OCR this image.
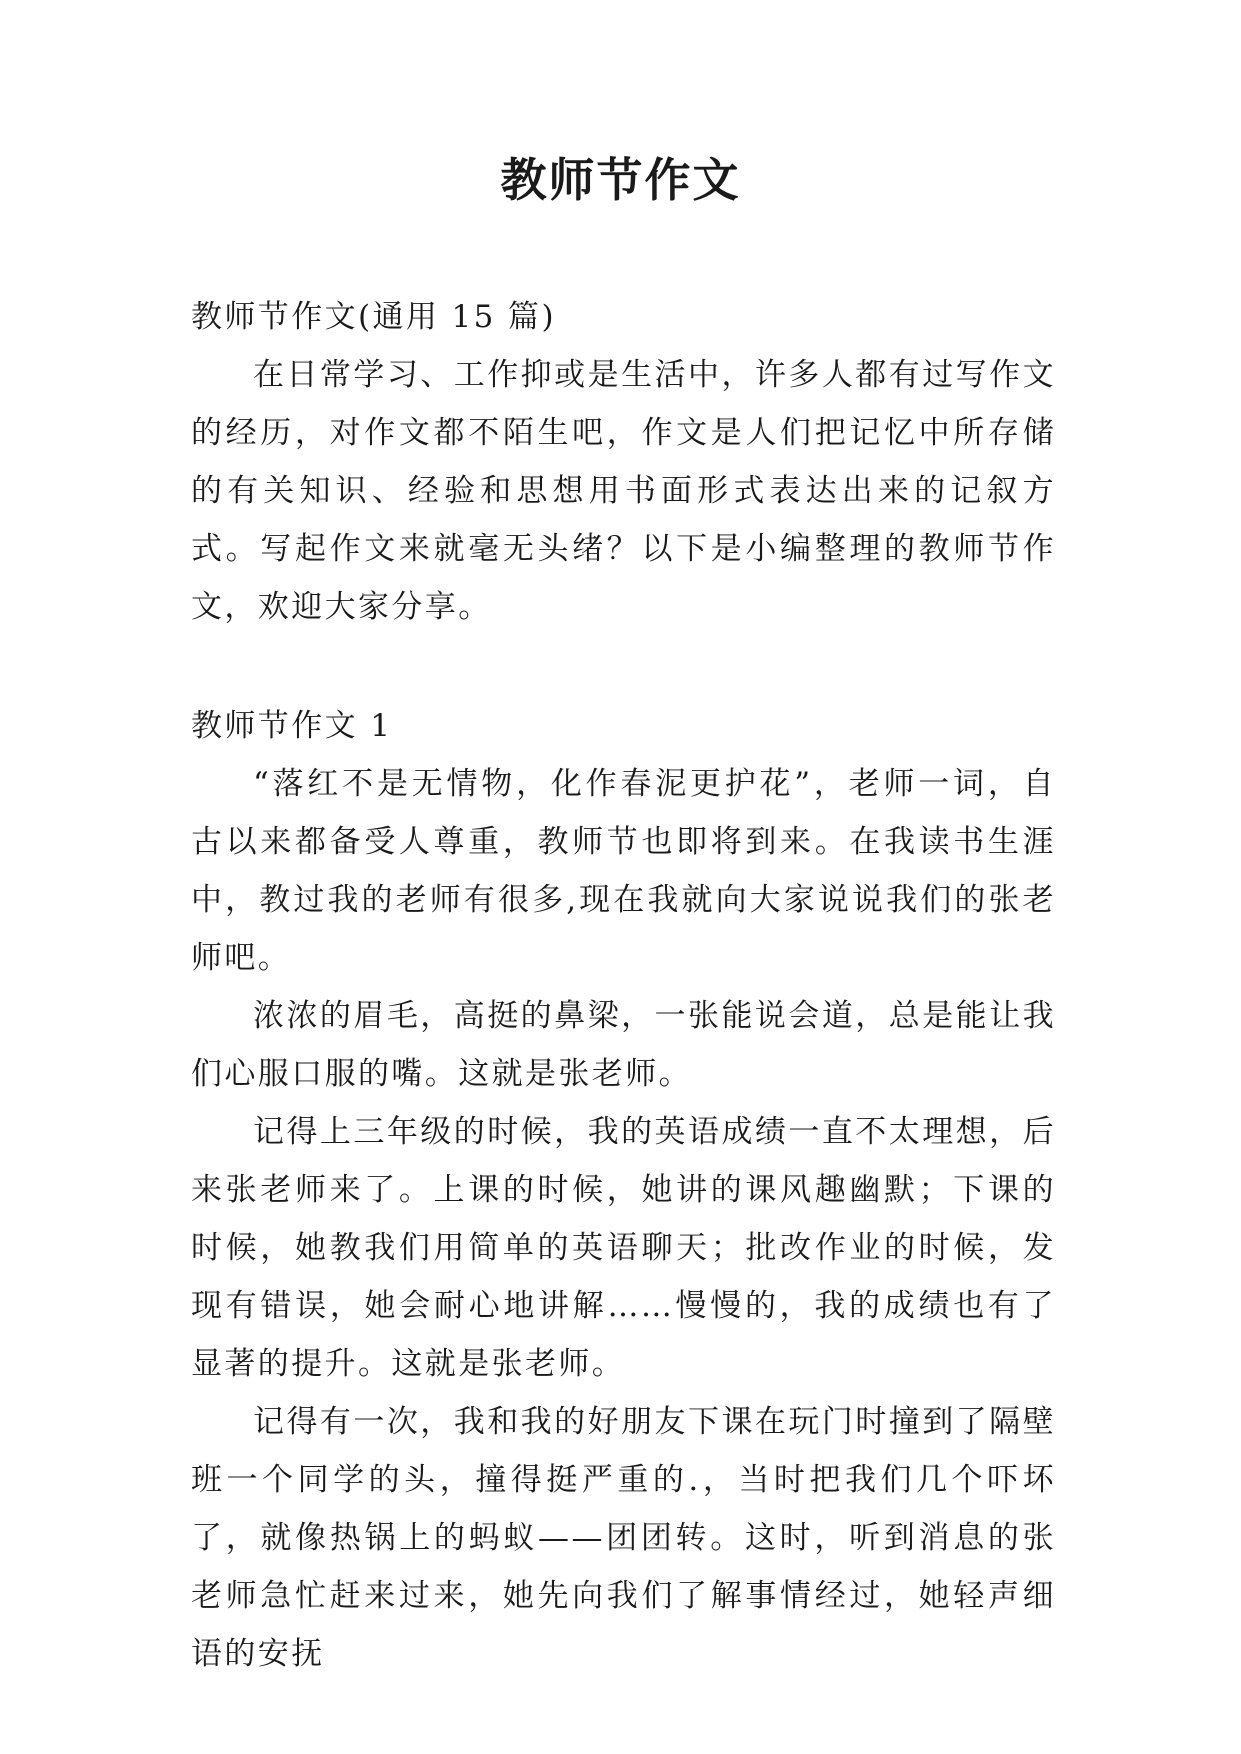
教师节作文

教师节作文(通用 15 篇)

在日常学习、工作抑或是生活中，许多人都有过写作文的经历，对作文都不陌生吧，作文是人们把记忆中所存储的有关知识、经验和思想用书面形式表达出来的记叙方式。写起作文来就毫无头绪？以下是小编整理的教师节作文，欢迎大家分享。

教师节作文 1

“落红不是无情物，化作春泥更护花”，老师一词，自古以来都备受人尊重，教师节也即将到来。在我读书生涯中，教过我的老师有很多,现在我就向大家说说我们的张老师吧。

浓浓的眉毛，高挺的鼻梁，一张能说会道，总是能让我们心服口服的嘴。这就是张老师。

记得上三年级的时候，我的英语成绩一直不太理想，后来张老师来了。上课的时候，她讲的课风趣幽默；下课的时候，她教我们用简单的英语聊天；批改作业的时候，发现有错误，她会耐心地讲解……慢慢的，我的成绩也有了显著的提升。这就是张老师。

记得有一次，我和我的好朋友下课在玩门时撞到了隔壁班一个同学的头，撞得挺严重的.，当时把我们几个吓坏了，就像热锅上的蚂蚁——团团转。这时，听到消息的张老师急忙赶来过来，她先向我们了解事情经过，她轻声细语的安抚
